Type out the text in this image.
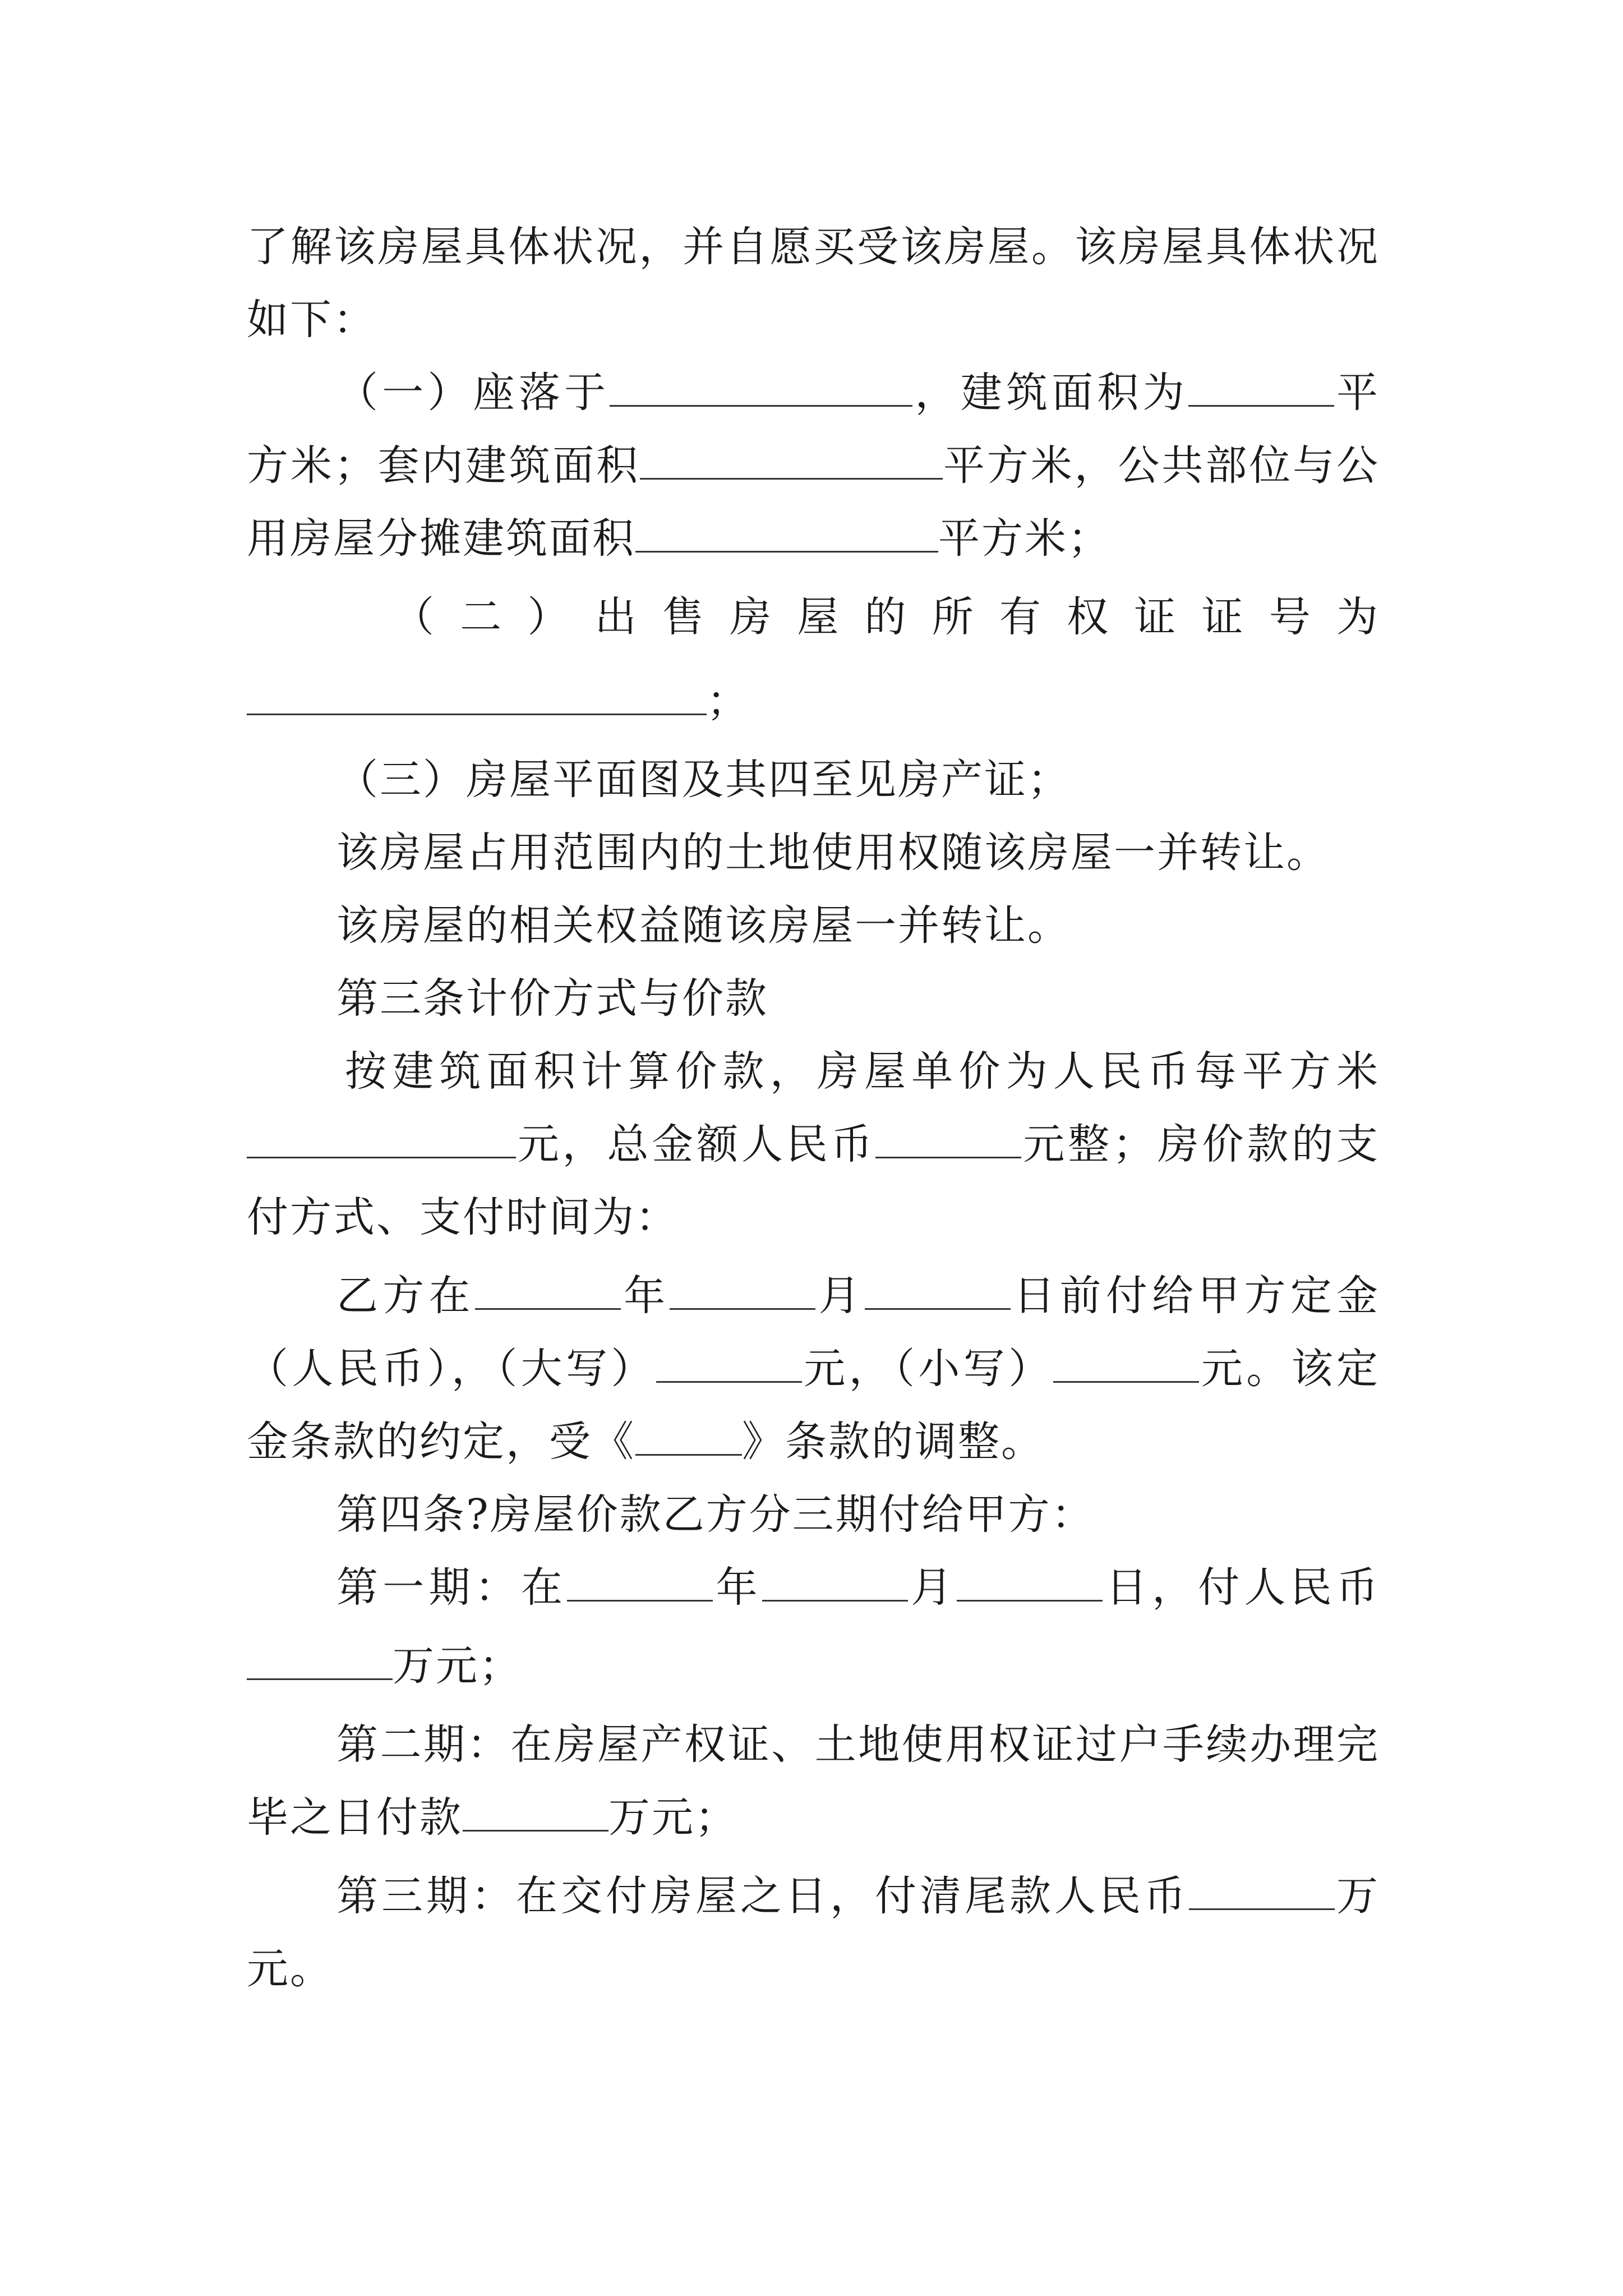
了解该房屋具体状况，并自愿买受该房屋。该房屋具体状况
如下：
（一）座落于	，建筑面积为	平
方米；套内建筑面积	平方米，公共部位与公
用房屋分摊建筑面积	平方米；
（ 二 ） 出 售 房 屋 的 所 有 权 证 证 号 为
；
（三）房屋平面图及其四至见房产证；
该房屋占用范围内的土地使用权随该房屋一并转让。
该房屋的相关权益随该房屋一并转让。
第三条计价方式与价款
按建筑面积计算价款，房屋单价为人民币每平方米
元，总金额人民币	元整；房价款的支
付方式、支付时间为：
乙方在	年	月	日前付给甲方定金
（人民币），（大写）	元，（小写）	元。该定
金条款的约定，受《	》条款的调整。
第四条?房屋价款乙方分三期付给甲方：
第一期：在	年	月	日，付人民币
万元；
第二期：在房屋产权证、土地使用权证过户手续办理完
毕之日付款	万元；
第三期：在交付房屋之日，付清尾款人民币	万
元。
